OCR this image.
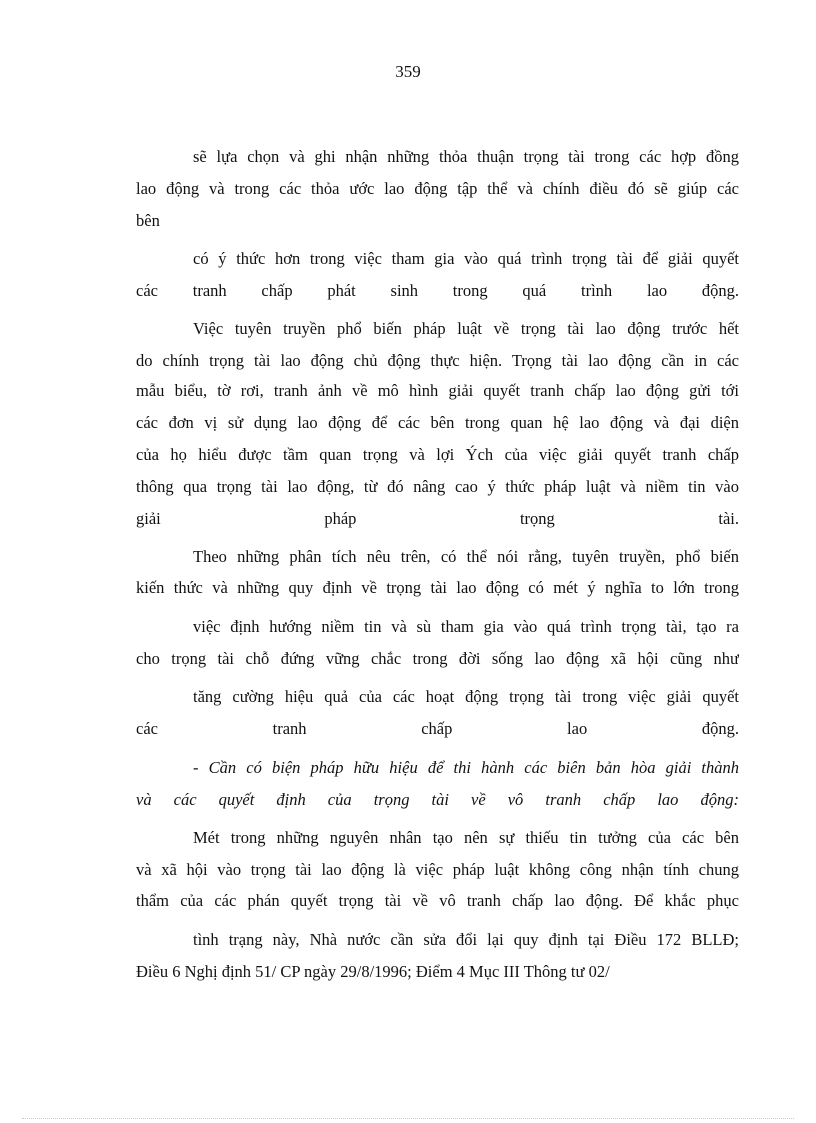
359
sẽ lựa chọn và ghi nhận những thỏa thuận trọng tài trong các hợp đồng
lao động và trong các thỏa ước lao động tập thể và chính điều đó sẽ giúp các
bên
có ý thức hơn trong việc tham gia vào quá trình trọng tài để giải quyết
các tranh chấp phát sinh trong quá trình lao động.
Việc tuyên truyền phổ biến pháp luật về trọng tài lao động trước hết
do chính trọng tài lao động chủ động thực hiện. Trọng tài lao động cần in các
mẫu biểu, tờ rơi, tranh ảnh về mô hình giải quyết tranh chấp lao động gửi tới
các đơn vị sử dụng lao động để các bên trong quan hệ lao động và đại diện
của họ hiểu được tầm quan trọng và lợi Ých của việc giải quyết tranh chấp
thông qua trọng tài lao động, từ đó nâng cao ý thức pháp luật và niềm tin vào
giải pháp trọng tài.
Theo những phân tích nêu trên, có thể nói rằng, tuyên truyền, phổ biến
kiến thức và những quy định về trọng tài lao động có mét ý nghĩa to lớn trong
việc định hướng niềm tin và sù tham gia vào quá trình trọng tài, tạo ra
cho trọng tài chỗ đứng vững chắc trong đời sống lao động xã hội cũng như
tăng cường hiệu quả của các hoạt động trọng tài trong việc giải quyết
các tranh chấp lao động.
- Cần có biện pháp hữu hiệu để thi hành các biên bản hòa giải thành
và các quyết định của trọng tài về vô tranh chấp lao động:
Mét trong những nguyên nhân tạo nên sự thiếu tin tưởng của các bên
và xã hội vào trọng tài lao động là việc pháp luật không công nhận tính chung
thẩm của các phán quyết trọng tài về vô tranh chấp lao động. Để khắc phục
tình trạng này, Nhà nước cần sửa đổi lại quy định tại Điều 172 BLLĐ;
Điều 6 Nghị định 51/ CP ngày 29/8/1996; Điểm 4 Mục III Thông tư 02/
